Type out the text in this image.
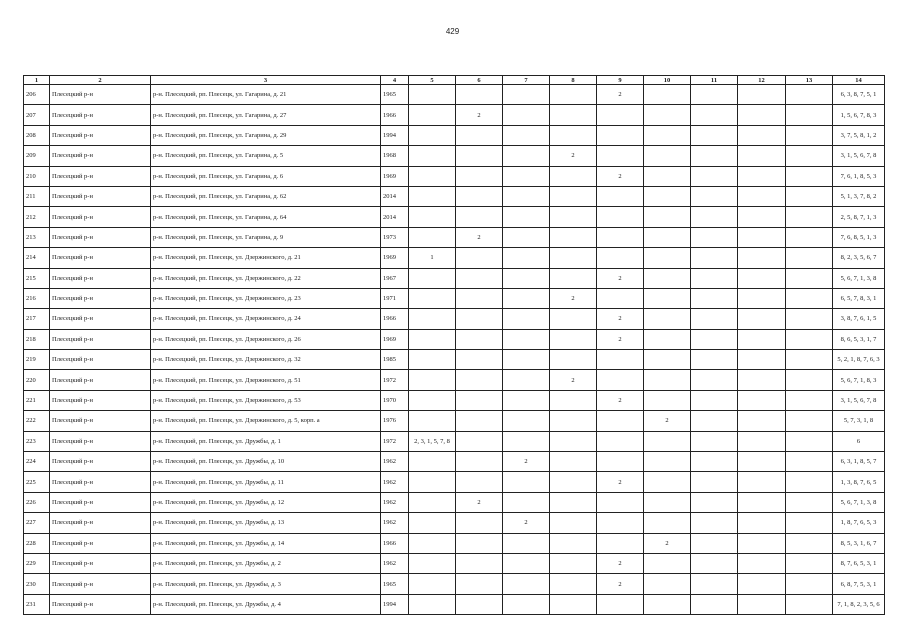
429
1	2	3	4	5	6	7	8	9	10	11	12	13	14
206	Плесецкий р-н	р-н. Плесецкий, рп. Плесецк, ул. Гагарина, д. 21	1965					2					6, 3, 8, 7, 5, 1
207	Плесецкий р-н	р-н. Плесецкий, рп. Плесецк, ул. Гагарина, д. 27	1966		2								1, 5, 6, 7, 8, 3
208	Плесецкий р-н	р-н. Плесецкий, рп. Плесецк, ул. Гагарина, д. 29	1994										3, 7, 5, 8, 1, 2
209	Плесецкий р-н	р-н. Плесецкий, рп. Плесецк, ул. Гагарина, д. 5	1968				2						3, 1, 5, 6, 7, 8
210	Плесецкий р-н	р-н. Плесецкий, рп. Плесецк, ул. Гагарина, д. 6	1969					2					7, 6, 1, 8, 5, 3
211	Плесецкий р-н	р-н. Плесецкий, рп. Плесецк, ул. Гагарина, д. 62	2014										5, 1, 3, 7, 8, 2
212	Плесецкий р-н	р-н. Плесецкий, рп. Плесецк, ул. Гагарина, д. 64	2014										2, 5, 8, 7, 1, 3
213	Плесецкий р-н	р-н. Плесецкий, рп. Плесецк, ул. Гагарина, д. 9	1973		2								7, 6, 8, 5, 1, 3
214	Плесецкий р-н	р-н. Плесецкий, рп. Плесецк, ул. Дзержинского, д. 21	1969	1									8, 2, 3, 5, 6, 7
215	Плесецкий р-н	р-н. Плесецкий, рп. Плесецк, ул. Дзержинского, д. 22	1967					2					5, 6, 7, 1, 3, 8
216	Плесецкий р-н	р-н. Плесецкий, рп. Плесецк, ул. Дзержинского, д. 23	1971				2						6, 5, 7, 8, 3, 1
217	Плесецкий р-н	р-н. Плесецкий, рп. Плесецк, ул. Дзержинского, д. 24	1966					2					3, 8, 7, 6, 1, 5
218	Плесецкий р-н	р-н. Плесецкий, рп. Плесецк, ул. Дзержинского, д. 26	1969					2					8, 6, 5, 3, 1, 7
219	Плесецкий р-н	р-н. Плесецкий, рп. Плесецк, ул. Дзержинского, д. 32	1985										5, 2, 1, 8, 7, 6, 3
220	Плесецкий р-н	р-н. Плесецкий, рп. Плесецк, ул. Дзержинского, д. 51	1972				2						5, 6, 7, 1, 8, 3
221	Плесецкий р-н	р-н. Плесецкий, рп. Плесецк, ул. Дзержинского, д. 53	1970					2					3, 1, 5, 6, 7, 8
222	Плесецкий р-н	р-н. Плесецкий, рп. Плесецк, ул. Дзержинского, д. 5, корп. а	1976						2				5, 7, 3, 1, 8
223	Плесецкий р-н	р-н. Плесецкий, рп. Плесецк, ул. Дружбы, д. 1	1972	2, 3, 1, 5, 7, 8									6
224	Плесецкий р-н	р-н. Плесецкий, рп. Плесецк, ул. Дружбы, д. 10	1962			2							6, 3, 1, 8, 5, 7
225	Плесецкий р-н	р-н. Плесецкий, рп. Плесецк, ул. Дружбы, д. 11	1962					2					1, 3, 8, 7, 6, 5
226	Плесецкий р-н	р-н. Плесецкий, рп. Плесецк, ул. Дружбы, д. 12	1962		2								5, 6, 7, 1, 3, 8
227	Плесецкий р-н	р-н. Плесецкий, рп. Плесецк, ул. Дружбы, д. 13	1962			2							1, 8, 7, 6, 5, 3
228	Плесецкий р-н	р-н. Плесецкий, рп. Плесецк, ул. Дружбы, д. 14	1966						2				8, 5, 3, 1, 6, 7
229	Плесецкий р-н	р-н. Плесецкий, рп. Плесецк, ул. Дружбы, д. 2	1962					2					8, 7, 6, 5, 3, 1
230	Плесецкий р-н	р-н. Плесецкий, рп. Плесецк, ул. Дружбы, д. 3	1965					2					6, 8, 7, 5, 3, 1
231	Плесецкий р-н	р-н. Плесецкий, рп. Плесецк, ул. Дружбы, д. 4	1994										7, 1, 8, 2, 3, 5, 6
